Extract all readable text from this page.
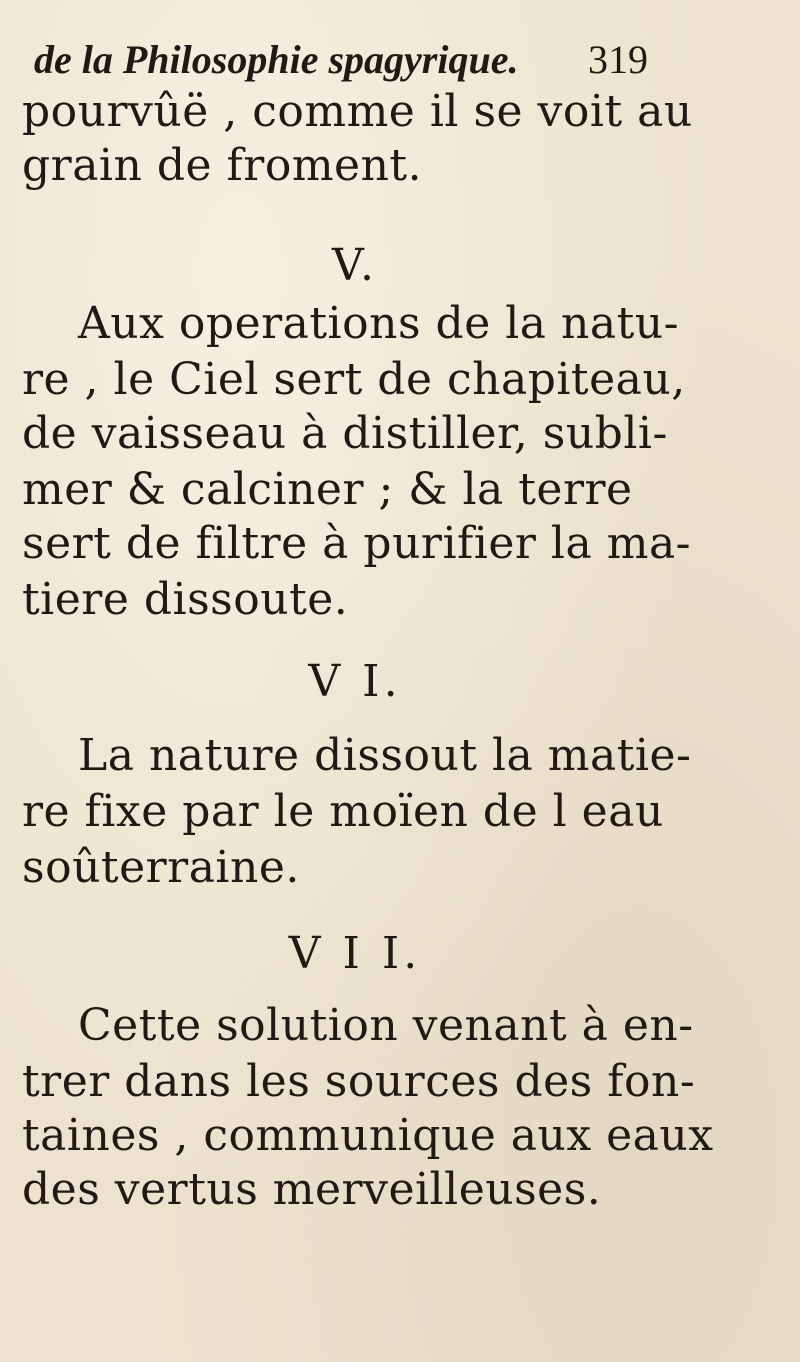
de la Philosophie spagyrique.	319
pourvûë , comme il se voit au
grain de froment.
V.
Aux operations de la natu-
re , le Ciel sert de chapiteau,
de vaisseau à distiller, subli-
mer & calciner ; & la terre
sert de filtre à purifier la ma-
tiere dissoute.
V I.
La nature dissout la matie-
re fixe par le moïen de l eau
soûterraine.
V I I.
Cette solution venant à en-
trer dans les sources des fon-
taines , communique aux eaux
des vertus merveilleuses.
